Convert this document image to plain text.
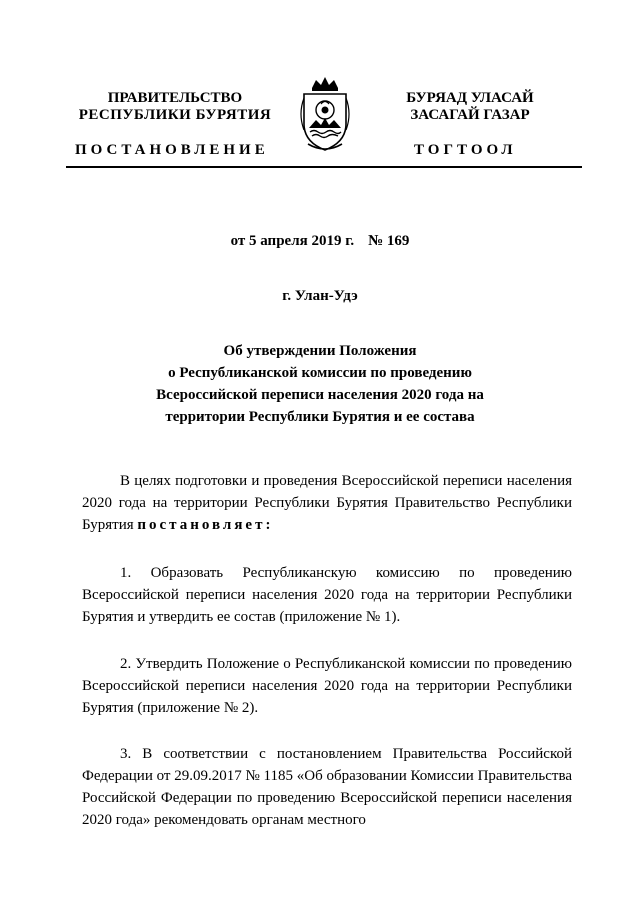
ПРАВИТЕЛЬСТВО
РЕСПУБЛИКИ БУРЯТИЯ
БУРЯАД УЛАСАЙ
ЗАСАГАЙ ГАЗАР
ПОСТАНОВЛЕНИЕ	ТОГТООЛ
от 5 апреля 2019 г. № 169
г. Улан-Удэ
Об утверждении Положения
о Республиканской комиссии по проведению
Всероссийской переписи населения 2020 года на
территории Республики Бурятия и ее состава

В целях подготовки и проведения Всероссийской переписи населения 2020 года на территории Республики Бурятия Правительство Республики Бурятия постановляет:

1. Образовать Республиканскую комиссию по проведению Всероссийской переписи населения 2020 года на территории Республики Бурятия и утвердить ее состав (приложение № 1).

2. Утвердить Положение о Республиканской комиссии по проведению Всероссийской переписи населения 2020 года на территории Республики Бурятия (приложение № 2).

3. В соответствии с постановлением Правительства Российской Федерации от 29.09.2017 № 1185 «Об образовании Комиссии Правительства Российской Федерации по проведению Всероссийской переписи населения 2020 года» рекомендовать органам местного
